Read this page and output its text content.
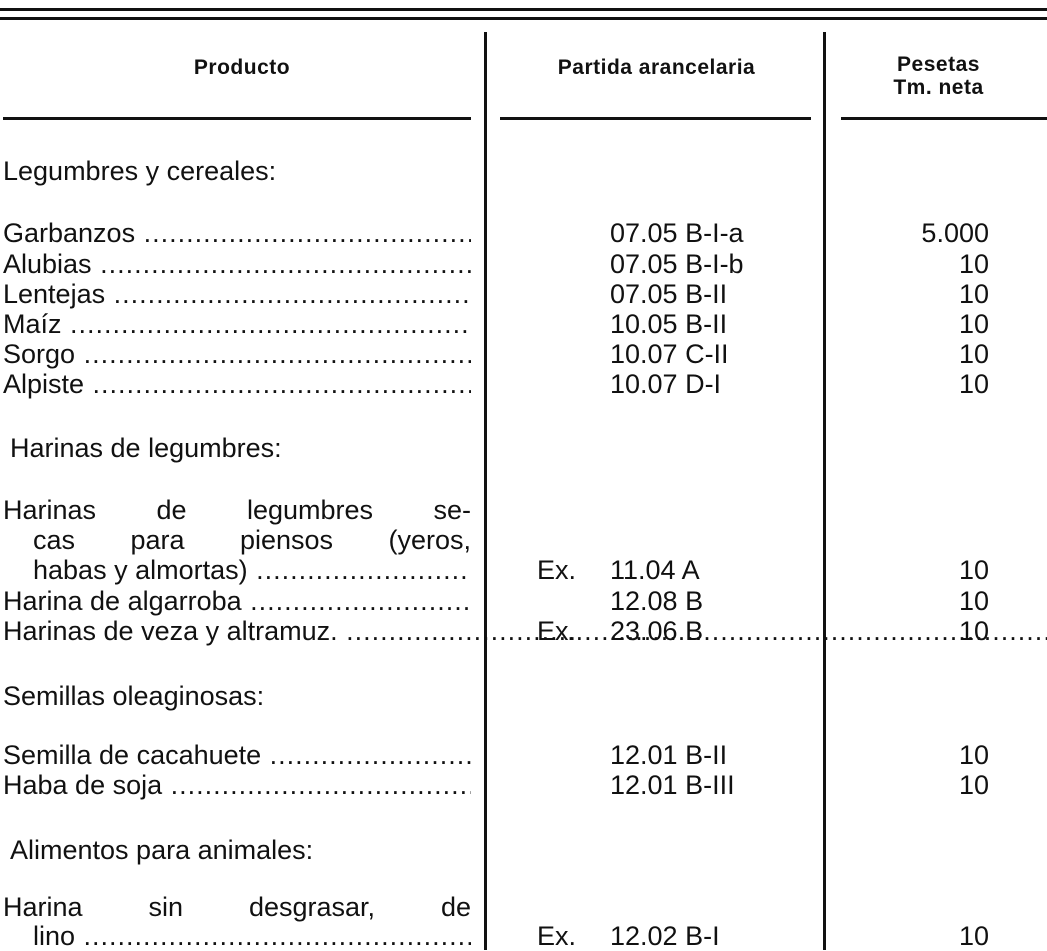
Producto	Partida arancelaria	Pesetas
Tm. neta
Legumbres y cereales:
Garbanzos .....	07.05 B-I-a	5.000
Alubias .....	07.05 B-I-b	10
Lentejas .....	07.05 B-II	10
Maíz .....	10.05 B-II	10
Sorgo .....	10.07 C-II	10
Alpiste .....	10.07 D-I	10
Harinas de legumbres:
Harinas de legumbres se-
cas para piensos (yeros,
habas y almortas) .....	Ex. 11.04 A	10
Harina de algarroba .....	12.08 B	10
Harinas de veza y altramuz. .....	Ex. 23.06 B	10
Semillas oleaginosas:
Semilla de cacahuete .....	12.01 B-II	10
Haba de soja .....	12.01 B-III	10
Alimentos para animales:
Harina sin desgrasar, de
lino .....	Ex. 12.02 B-I	10
